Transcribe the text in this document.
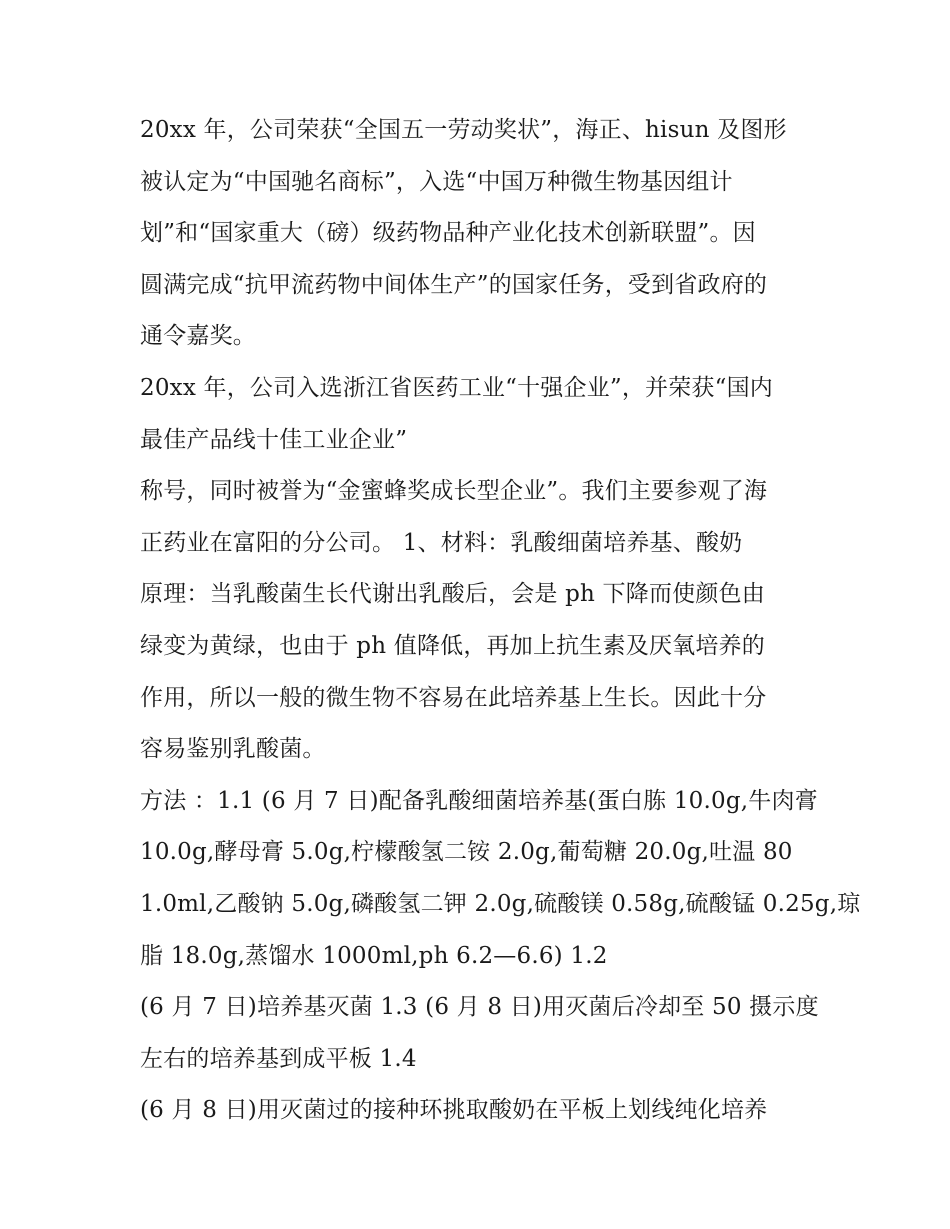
20xx 年，公司荣获“全国五一劳动奖状”，海正、hisun 及图形
被认定为“中国驰名商标”，入选“中国万种微生物基因组计
划”和“国家重大（磅）级药物品种产业化技术创新联盟”。因
圆满完成“抗甲流药物中间体生产”的国家任务，受到省政府的
通令嘉奖。
20xx 年，公司入选浙江省医药工业“十强企业”，并荣获“国内
最佳产品线十佳工业企业”
称号，同时被誉为“金蜜蜂奖成长型企业”。我们主要参观了海
正药业在富阳的分公司。 1、材料：乳酸细菌培养基、酸奶
原理：当乳酸菌生长代谢出乳酸后，会是 ph 下降而使颜色由
绿变为黄绿，也由于 ph 值降低，再加上抗生素及厌氧培养的
作用，所以一般的微生物不容易在此培养基上生长。因此十分
容易鉴别乳酸菌。
方法 ：1.1 (6 月 7 日)配备乳酸细菌培养基(蛋白胨 10.0g,牛肉膏
10.0g,酵母膏 5.0g,柠檬酸氢二铵 2.0g,葡萄糖 20.0g,吐温 80
1.0ml,乙酸钠 5.0g,磷酸氢二钾 2.0g,硫酸镁 0.58g,硫酸锰 0.25g,琼
脂 18.0g,蒸馏水 1000ml,ph 6.2—6.6) 1.2
(6 月 7 日)培养基灭菌 1.3 (6 月 8 日)用灭菌后冷却至 50 摄示度
左右的培养基到成平板 1.4
(6 月 8 日)用灭菌过的接种环挑取酸奶在平板上划线纯化培养
